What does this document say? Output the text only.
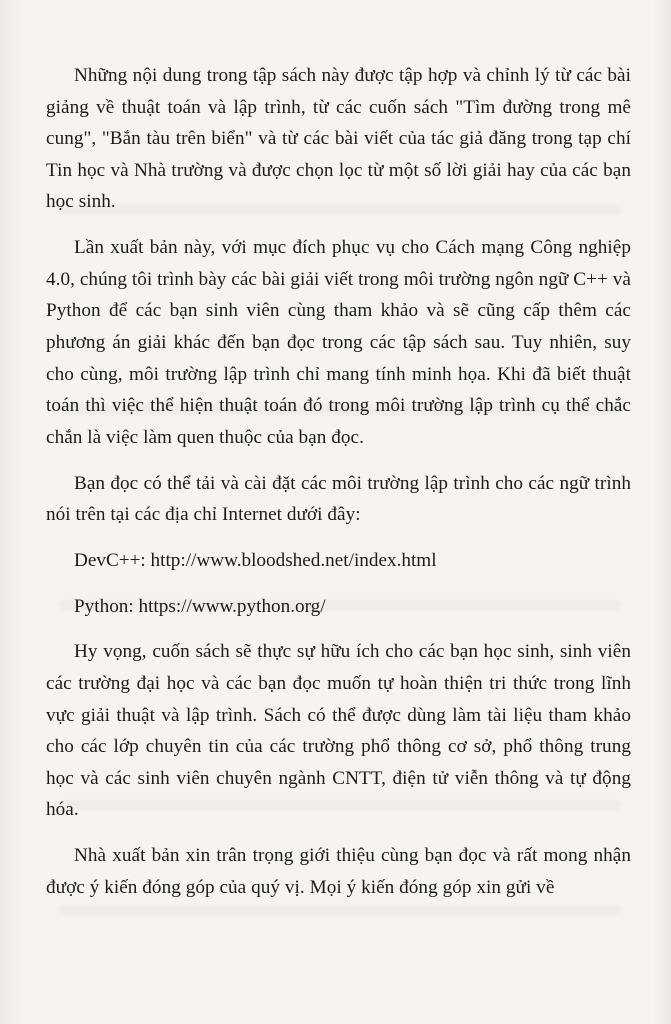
Những nội dung trong tập sách này được tập hợp và chỉnh lý từ các bài giảng về thuật toán và lập trình, từ các cuốn sách "Tìm đường trong mê cung", "Bắn tàu trên biển" và từ các bài viết của tác giả đăng trong tạp chí Tin học và Nhà trường và được chọn lọc từ một số lời giải hay của các bạn học sinh.

Lần xuất bản này, với mục đích phục vụ cho Cách mạng Công nghiệp 4.0, chúng tôi trình bày các bài giải viết trong môi trường ngôn ngữ C++ và Python để các bạn sinh viên cùng tham khảo và sẽ cũng cấp thêm các phương án giải khác đến bạn đọc trong các tập sách sau. Tuy nhiên, suy cho cùng, môi trường lập trình chỉ mang tính minh họa. Khi đã biết thuật toán thì việc thể hiện thuật toán đó trong môi trường lập trình cụ thể chắc chắn là việc làm quen thuộc của bạn đọc.

Bạn đọc có thể tải và cài đặt các môi trường lập trình cho các ngữ trình nói trên tại các địa chỉ Internet dưới đây:

DevC++: http://www.bloodshed.net/index.html

Python: https://www.python.org/

Hy vọng, cuốn sách sẽ thực sự hữu ích cho các bạn học sinh, sinh viên các trường đại học và các bạn đọc muốn tự hoàn thiện tri thức trong lĩnh vực giải thuật và lập trình. Sách có thể được dùng làm tài liệu tham khảo cho các lớp chuyên tin của các trường phổ thông cơ sở, phổ thông trung học và các sinh viên chuyên ngành CNTT, điện tử viễn thông và tự động hóa.

Nhà xuất bản xin trân trọng giới thiệu cùng bạn đọc và rất mong nhận được ý kiến đóng góp của quý vị. Mọi ý kiến đóng góp xin gửi về
